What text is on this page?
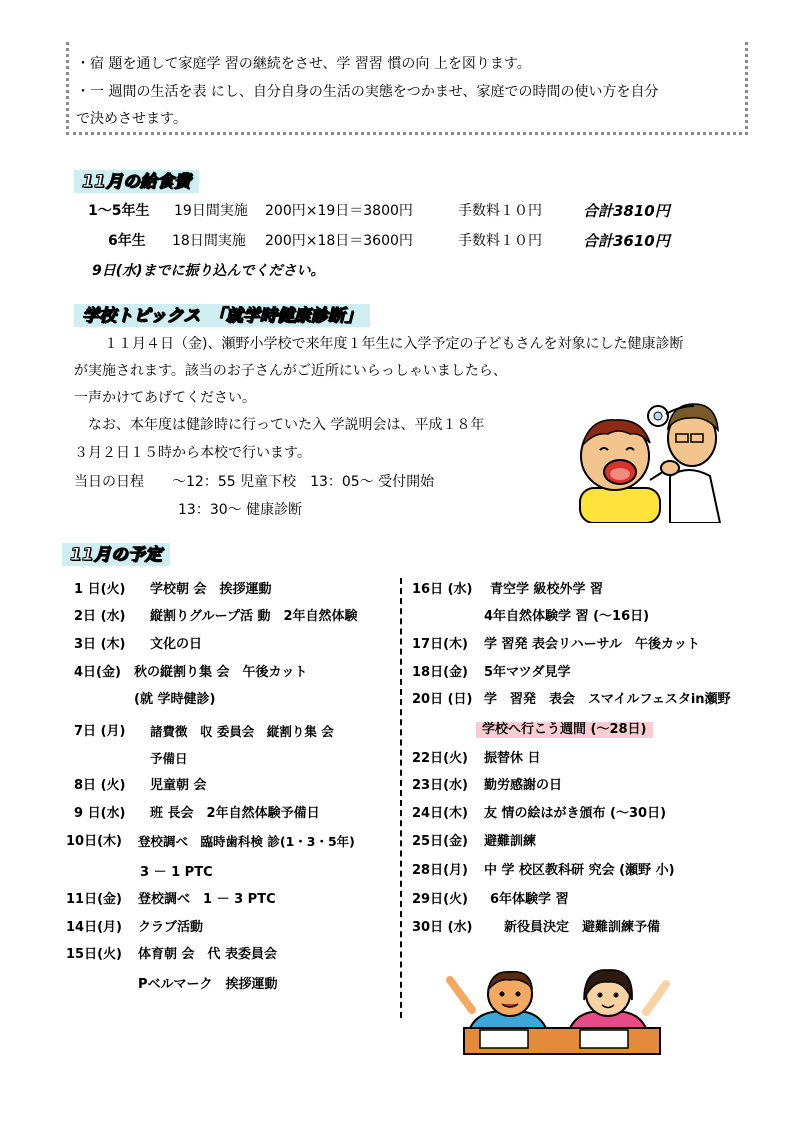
・宿 題を通して家庭学 習の継続をさせ、学 習習 慣の向 上を図ります。
・一 週間の生活を表 にし、自分自身の生活の実態をつかませ、家庭での時間の使い方を自分
で決めさせます。
11月の給食費
1～5年生 19日間実施 200円×19日＝3800円	手数料１０円	合計3810円
6年生 18日間実施 200円×18日＝3600円	手数料１０円	合計3610円
9日(水)までに振り込んでください。
学校トピックス　「就学時健康診断」
１１月４日（金)、瀬野小学校で来年度１年生に入学予定の子どもさんを対象にした健康診断
が実施されます。該当のお子さんがご近所にいらっしゃいましたら、
一声かけてあげてください。
なお、本年度は健診時に行っていた入 学説明会は、平成１８年
３月２日１５時から本校で行います。
当日の日程　　～12：55 児童下校　13：05～ 受付開始
13：30～ 健康診断
11月の予定
1 日(火) 学校朝 会　挨拶運動
2日 (水) 縦割りグループ活 動　2年自然体験
3日 (木) 文化の日
4日(金) 秋の縦割り集 会　午後カット
(就 学時健診)
7日 (月) 諸費徴　収 委員会　縦割り集 会
予備日
8日 (火) 児童朝 会
9 日(水) 班 長会　2年自然体験予備日
10日(木) 登校調べ　臨時歯科検 診(1・3・5年)
3 － 1 PTC
11日(金) 登校調べ　1 － 3 PTC
14日(月) クラブ活動
15日(火) 体育朝 会　代 表委員会
Pベルマーク　挨拶運動
16日 (水) 青空学 級校外学 習
4年自然体験学 習 (～16日)
17日(木) 学 習発 表会リハーサル　午後カット
18日(金) 5年マツダ見学
20日 (日) 学　習発　表会　スマイルフェスタin瀬野
学校へ行こう週間 (～28日)
22日(火) 振替休 日
23日(水) 勤労感謝の日
24日(木) 友 情の絵はがき頒布 (～30日)
25日(金) 避難訓練
28日(月) 中 学 校区教科研 究会 (瀬野 小)
29日(火) 6年体験学 習
30日 (水) 新役員決定　避難訓練予備
